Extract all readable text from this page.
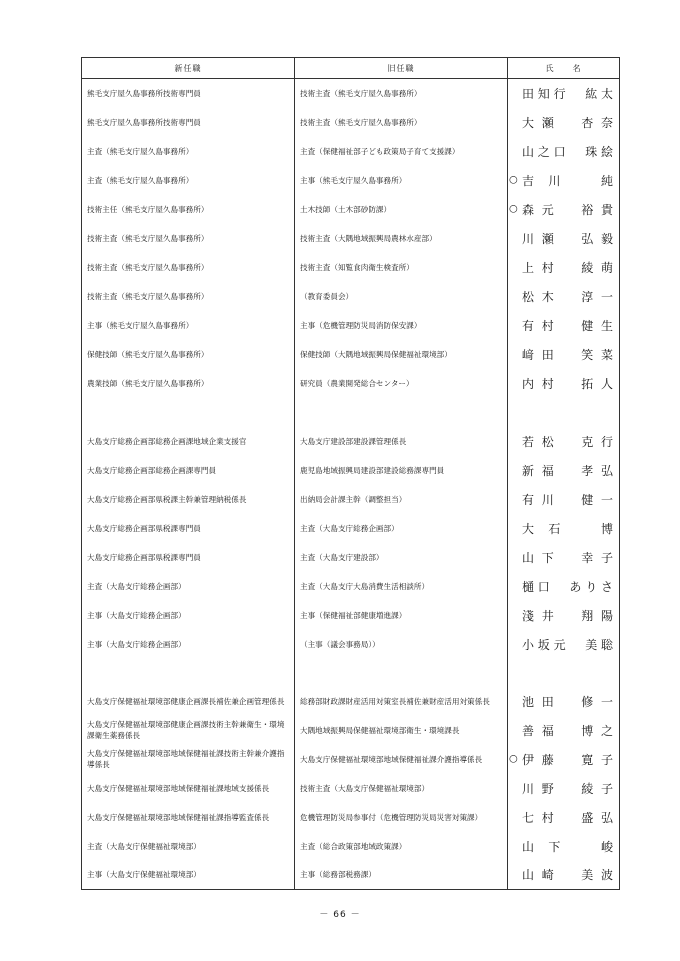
新任職	旧任職	氏　　名
熊毛支庁屋久島事務所技術専門員	技術主査（熊毛支庁屋久島事務所）	田知行　紘太

熊毛支庁屋久島事務所技術専門員	技術主査（熊毛支庁屋久島事務所）	大瀬　杏奈

主査（熊毛支庁屋久島事務所）	主査（保健福祉部子ども政策局子育て支援課）	山之口　珠絵

主査（熊毛支庁屋久島事務所）	主事（熊毛支庁屋久島事務所）	○ 吉川　純

技術主任（熊毛支庁屋久島事務所）	土木技師（土木部砂防課）	○ 森元　裕貴

技術主査（熊毛支庁屋久島事務所）	技術主査（大隅地域振興局農林水産部）	川瀬　弘毅

技術主査（熊毛支庁屋久島事務所）	技術主査（知覧食肉衛生検査所）	上村　綾萌

技術主査（熊毛支庁屋久島事務所）	（教育委員会）	松木　淳一

主事（熊毛支庁屋久島事務所）	主事（危機管理防災局消防保安課）	有村　健生

保健技師（熊毛支庁屋久島事務所）	保健技師（大隅地域振興局保健福祉環境部）	﨑田　笑菜

農業技師（熊毛支庁屋久島事務所）	研究員（農業開発総合センター）	内村　拓人

大島支庁総務企画部総務企画課地域企業支援官	大島支庁建設部建設課管理係長	若松　克行

大島支庁総務企画部総務企画課専門員	鹿児島地域振興局建設部建設総務課専門員	新福　孝弘

大島支庁総務企画部県税課主幹兼管理納税係長	出納局会計課主幹（調整担当）	有川　健一

大島支庁総務企画部県税課専門員	主査（大島支庁総務企画部）	大石　博

大島支庁総務企画部県税課専門員	主査（大島支庁建設部）	山下　幸子

主査（大島支庁総務企画部）	主査（大島支庁大島消費生活相談所）	樋口　ありさ

主事（大島支庁総務企画部）	主事（保健福祉部健康増進課）	淺井　翔陽

主事（大島支庁総務企画部）	（主事（議会事務局））	小坂元　美聡

大島支庁保健福祉環境部健康企画課長補佐兼企画管理係長	総務部財政課財産活用対策室長補佐兼財産活用対策係長	池田　修一

大島支庁保健福祉環境部健康企画課技術主幹兼衛生・環境課衛生薬務係長	大隅地域振興局保健福祉環境部衛生・環境課長	善福　博之

大島支庁保健福祉環境部地域保健福祉課技術主幹兼介護指導係長	大島支庁保健福祉環境部地域保健福祉課介護指導係長	○ 伊藤　寛子

大島支庁保健福祉環境部地域保健福祉課地域支援係長	技術主査（大島支庁保健福祉環境部）	川野　綾子

大島支庁保健福祉環境部地域保健福祉課指導監査係長	危機管理防災局参事付（危機管理防災局災害対策課）	七村　盛弘

主査（大島支庁保健福祉環境部）	主査（総合政策部地域政策課）	山下　峻

主事（大島支庁保健福祉環境部）	主事（総務部税務課）	山崎　美波
－ 66 －
